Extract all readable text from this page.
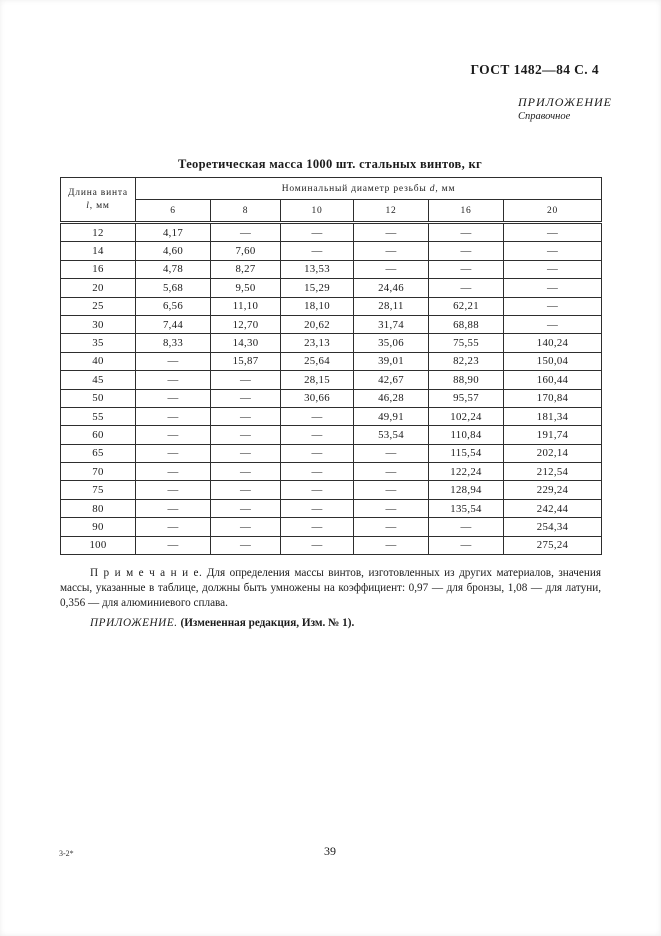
ГОСТ 1482—84 С. 4
ПРИЛОЖЕНИЕ
Справочное
Теоретическая масса 1000 шт. стальных винтов, кг
Длина винта
l, мм	Номинальный диаметр резьбы d, мм					
	6	8	10	12	16	20
12	4,17	—	—	—	—	—
14	4,60	7,60	—	—	—	—
16	4,78	8,27	13,53	—	—	—
20	5,68	9,50	15,29	24,46	—	—
25	6,56	11,10	18,10	28,11	62,21	—
30	7,44	12,70	20,62	31,74	68,88	—
35	8,33	14,30	23,13	35,06	75,55	140,24
40	—	15,87	25,64	39,01	82,23	150,04
45	—	—	28,15	42,67	88,90	160,44
50	—	—	30,66	46,28	95,57	170,84
55	—	—	—	49,91	102,24	181,34
60	—	—	—	53,54	110,84	191,74
65	—	—	—	—	115,54	202,14
70	—	—	—	—	122,24	212,54
75	—	—	—	—	128,94	229,24
80	—	—	—	—	135,54	242,44
90	—	—	—	—	—	254,34
100	—	—	—	—	—	275,24
П р и м е ч а н и е. Для определения массы винтов, изготовленных из других материалов, значения массы, указанные в таблице, должны быть умножены на коэффициент: 0,97 — для бронзы, 1,08 — для латуни, 0,356 — для алюминиевого сплава.
ПРИЛОЖЕНИЕ. (Измененная редакция, Изм. № 1).
3-2*	39
